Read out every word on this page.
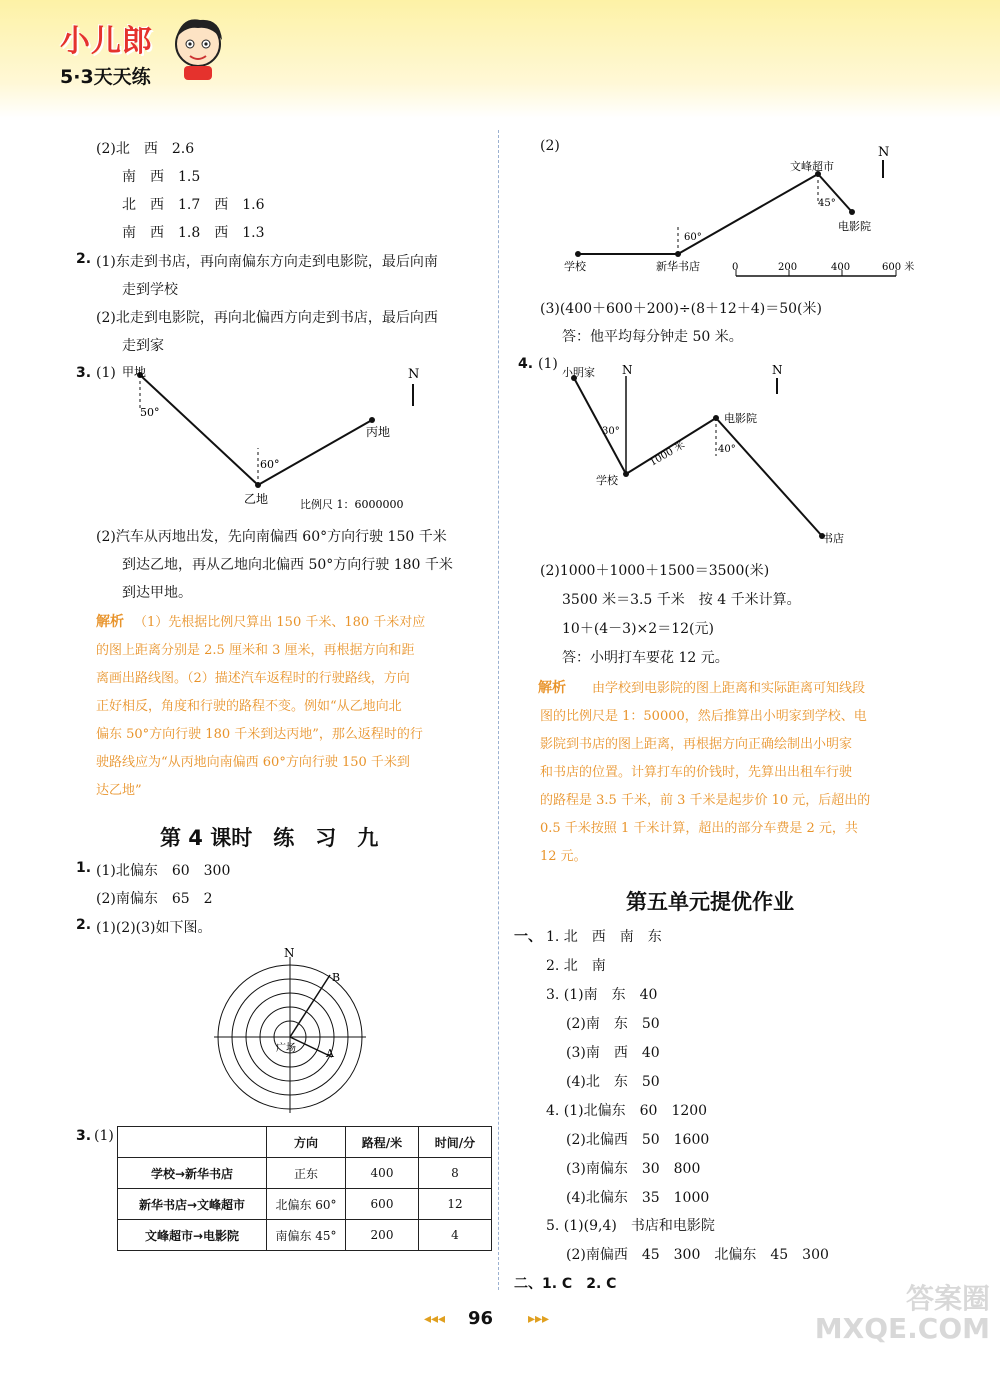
小儿郎
5·3天天练
(2)北　西　2.6
南　西　1.5
北　西　1.7　西　1.6
南　西　1.8　西　1.3
2. (1)东走到书店，再向南偏东方向走到电影院，最后向南
走到学校
(2)北走到电影院，再向北偏西方向走到书店，最后向西
走到家
3. (1) 甲地
50°
60°
乙地
丙地
N
比例尺 1：6000000
(2)汽车从丙地出发，先向南偏西 60°方向行驶 150 千米
到达乙地，再从乙地向北偏西 50°方向行驶 180 千米
到达甲地。
解析 （1）先根据比例尺算出 150 千米、180 千米对应
的图上距离分别是 2.5 厘米和 3 厘米，再根据方向和距
离画出路线图。（2）描述汽车返程时的行驶路线，方向
正好相反，角度和行驶的路程不变。例如“从乙地向北
偏东 50°方向行驶 180 千米到达丙地”，那么返程时的行
驶路线应为“从丙地向南偏西 60°方向行驶 150 千米到
达乙地”
第 4 课时　练　习　九
1. (1)北偏东　60　300
(2)南偏东　65　2
2. (1)(2)(3)如下图。
N
B
A
广场
3. (1)
		方向	路程/米	时间/分
学校→新华书店	正东	400	8
新华书店→文峰超市	北偏东 60°	600	12
文峰超市→电影院	南偏东 45°	200	4
(2)
文峰超市
电影院
学校	新华书店
60°
45°
N
0	200	400	600 米
(3)(400＋600＋200)÷(8＋12＋4)＝50(米)
答：他平均每分钟走 50 米。
4. (1)
小明家 N
30°
1000 米	40°
电影院
学校
书店
N
(2)1000＋1000＋1500＝3500(米)
3500 米＝3.5 千米　按 4 千米计算。
10＋(4－3)×2＝12(元)
答：小明打车要花 12 元。
解析 由学校到电影院的图上距离和实际距离可知线段
图的比例尺是 1：50000，然后推算出小明家到学校、电
影院到书店的图上距离，再根据方向正确绘制出小明家
和书店的位置。计算打车的价钱时，先算出出租车行驶
的路程是 3.5 千米，前 3 千米是起步价 10 元，后超出的
0.5 千米按照 1 千米计算，超出的部分车费是 2 元，共
12 元。
第五单元提优作业
一、 1. 北　西　南　东
2. 北　南
3. (1)南　东　40
(2)南　东　50
(3)南　西　40
(4)北　东　50
4. (1)北偏东　60　1200
(2)北偏西　50　1600
(3)南偏东　30　800
(4)北偏东　35　1000
5. (1)(9,4)　书店和电影院
(2)南偏西　45　300　北偏东　45　300
二、1. C　2. C
◂◂◂ 96 ▸▸▸
答案圈 MXQE.COM
